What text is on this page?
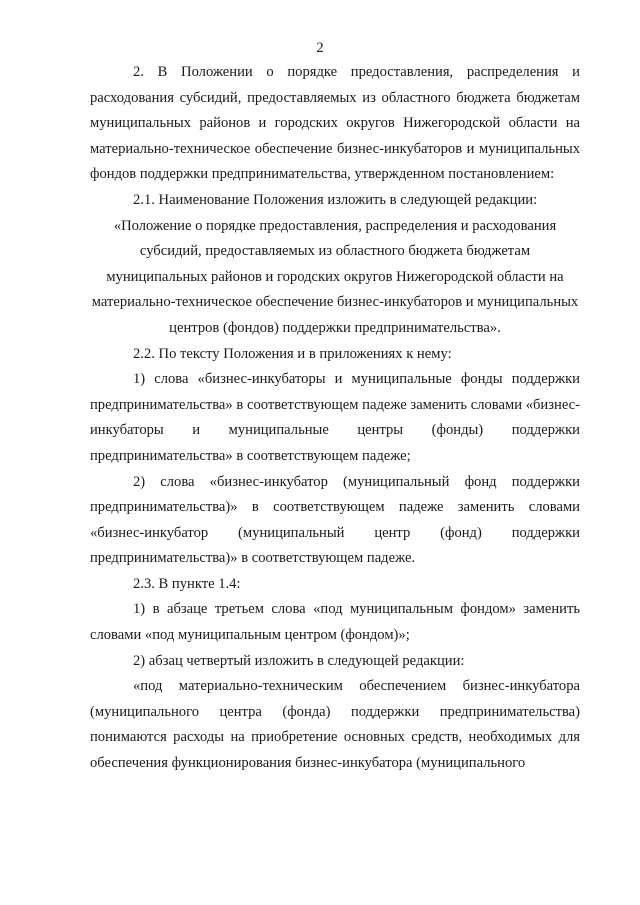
2

2. В Положении о порядке предоставления, распределения и расходования субсидий, предоставляемых из областного бюджета бюджетам муниципальных районов и городских округов Нижегородской области на материально-техническое обеспечение бизнес-инкубаторов и муниципальных фондов поддержки предпринимательства, утвержденном постановлением:

2.1. Наименование Положения изложить в следующей редакции:

«Положение о порядке предоставления, распределения и расходования субсидий, предоставляемых из областного бюджета бюджетам муниципальных районов и городских округов Нижегородской области на материально-техническое обеспечение бизнес-инкубаторов и муниципальных центров (фондов) поддержки предпринимательства».

2.2. По тексту Положения и в приложениях к нему:

1) слова «бизнес-инкубаторы и муниципальные фонды поддержки предпринимательства» в соответствующем падеже заменить словами «бизнес-инкубаторы и муниципальные центры (фонды) поддержки предпринимательства» в соответствующем падеже;

2) слова «бизнес-инкубатор (муниципальный фонд поддержки предпринимательства)» в соответствующем падеже заменить словами «бизнес-инкубатор (муниципальный центр (фонд) поддержки предпринимательства)» в соответствующем падеже.

2.3. В пункте 1.4:

1) в абзаце третьем слова «под муниципальным фондом» заменить словами «под муниципальным центром (фондом)»;

2) абзац четвертый изложить в следующей редакции:

«под материально-техническим обеспечением бизнес-инкубатора (муниципального центра (фонда) поддержки предпринимательства) понимаются расходы на приобретение основных средств, необходимых для обеспечения функционирования бизнес-инкубатора (муниципального
